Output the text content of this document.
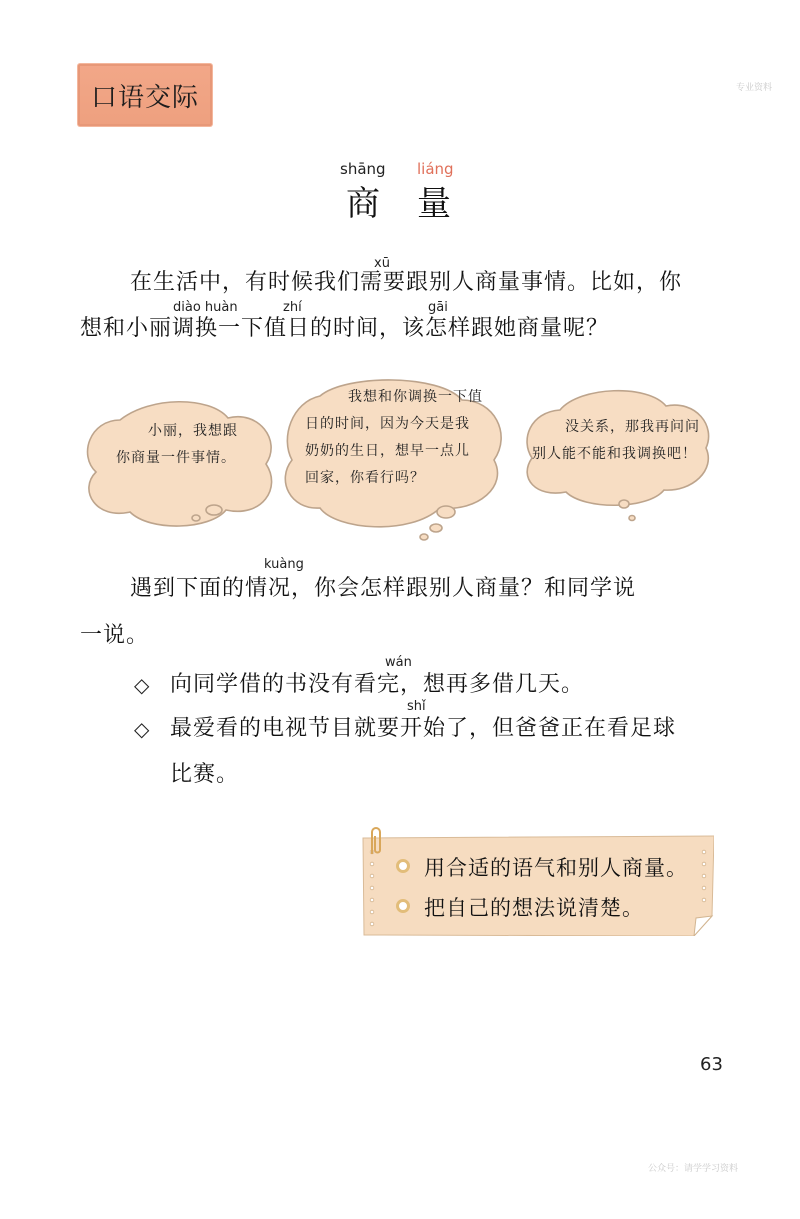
专业资料
口语交际
shāng liáng
商 量
xū
在生活中，有时候我们需要跟别人商量事情。比如，你
diào huàn	zhí	gāi
想和小丽调换一下值日的时间，该怎样跟她商量呢？
小丽，我想跟
你商量一件事情。
我想和你调换一下值
日的时间，因为今天是我
奶奶的生日，想早一点儿
回家，你看行吗？
没关系，那我再问问
别人能不能和我调换吧！
kuàng
遇到下面的情况，你会怎样跟别人商量？和同学说
一说。
◇
wán
向同学借的书没有看完，想再多借几天。
◇
shǐ
最爱看的电视节目就要开始了，但爸爸正在看足球
比赛。
用合适的语气和别人商量。
把自己的想法说清楚。
63
公众号：请学学习资料
